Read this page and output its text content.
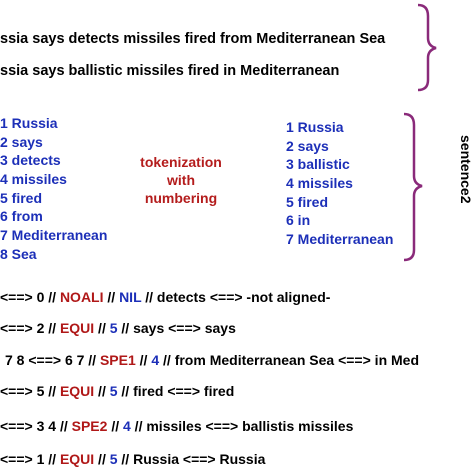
ssia says detects missiles fired from Mediterranean Sea
ssia says ballistic missiles fired in Mediterranean
1 Russia
2 says
3 detects
4 missiles
5 fired
6 from
7 Mediterranean
8 Sea
tokenization
with
numbering
1 Russia
2 says
3 ballistic
4 missiles
5 fired
6 in
7 Mediterranean
sentence2
<==> 0 // NOALI // NIL // detects <==> -not aligned-
<==> 2 // EQUI // 5 // says <==> says
7 8 <==> 6 7 // SPE1 // 4 // from Mediterranean Sea <==> in Med
<==> 5 // EQUI // 5 // fired <==> fired
<==> 3 4 // SPE2 // 4 // missiles <==> ballistis missiles
<==> 1 // EQUI // 5 // Russia <==> Russia
